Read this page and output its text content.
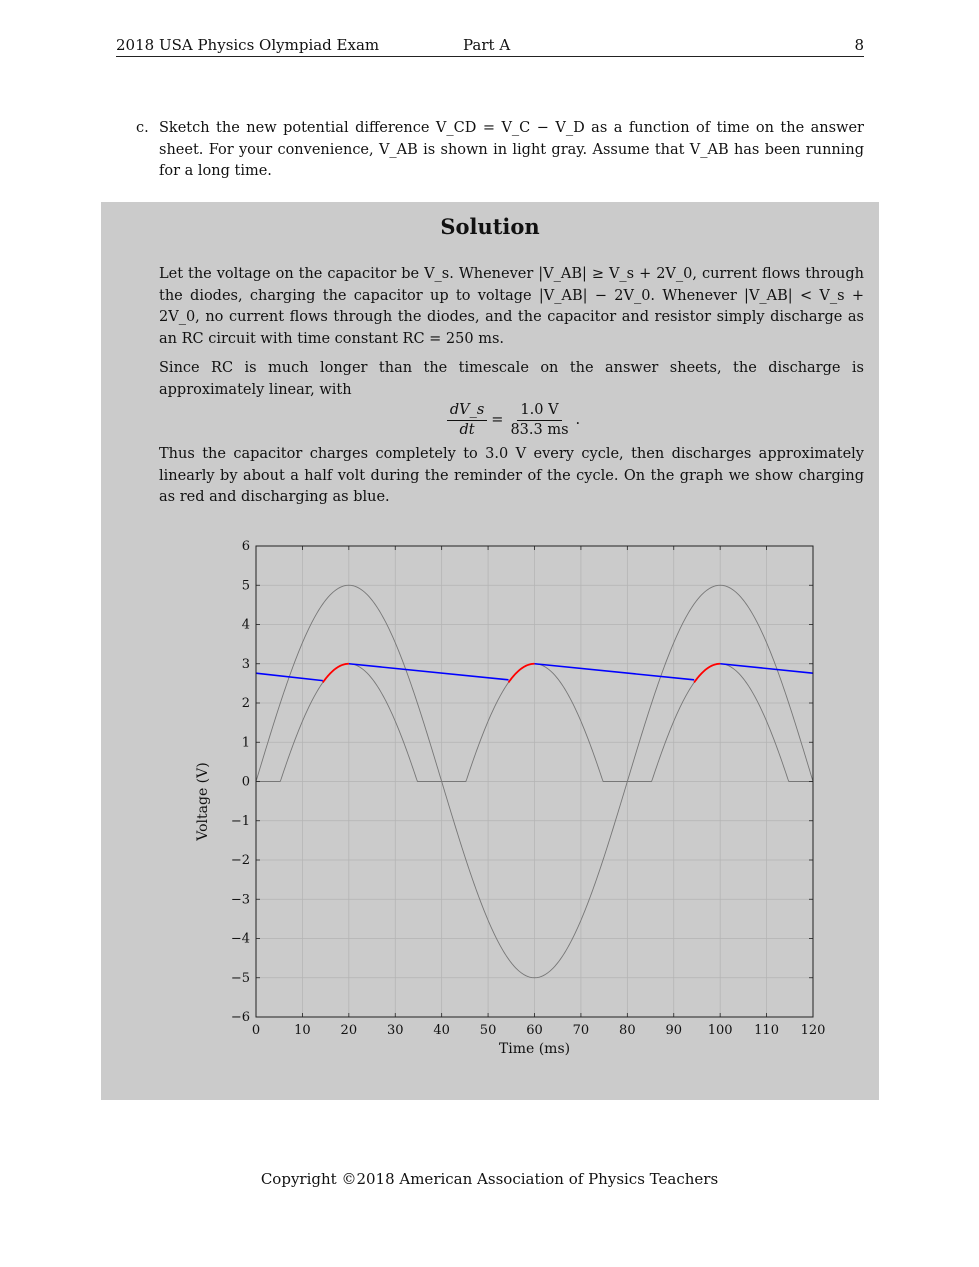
2018 USA Physics Olympiad Exam	Part A	8
c. Sketch the new potential difference V_CD = V_C − V_D as a function of time on the answer sheet. For your convenience, V_AB is shown in light gray. Assume that V_AB has been running for a long time.
Solution

Let the voltage on the capacitor be V_s. Whenever |V_AB| ≥ V_s + 2V_0, current flows through the diodes, charging the capacitor up to voltage |V_AB| − 2V_0. Whenever |V_AB| < V_s + 2V_0, no current flows through the diodes, and the capacitor and resistor simply discharge as an RC circuit with time constant RC = 250 ms.

Since RC is much longer than the timescale on the answer sheets, the discharge is approximately linear, with

$\frac{dV\_s}{dt} = \frac{1.0 V}{83.3 ms}$ .

Thus the capacitor charges completely to 3.0 V every cycle, then discharges approximately linearly by about a half volt during the reminder of the cycle. On the graph we show charging as red and discharging as blue.

0	10 20 30 40 50 60 70 80 90 100 110 120
6
5
4
3
2
1
0
−1
−2
−3
−4
−5
−6
Time (ms)
Voltage (V)
Copyright ©2018 American Association of Physics Teachers
